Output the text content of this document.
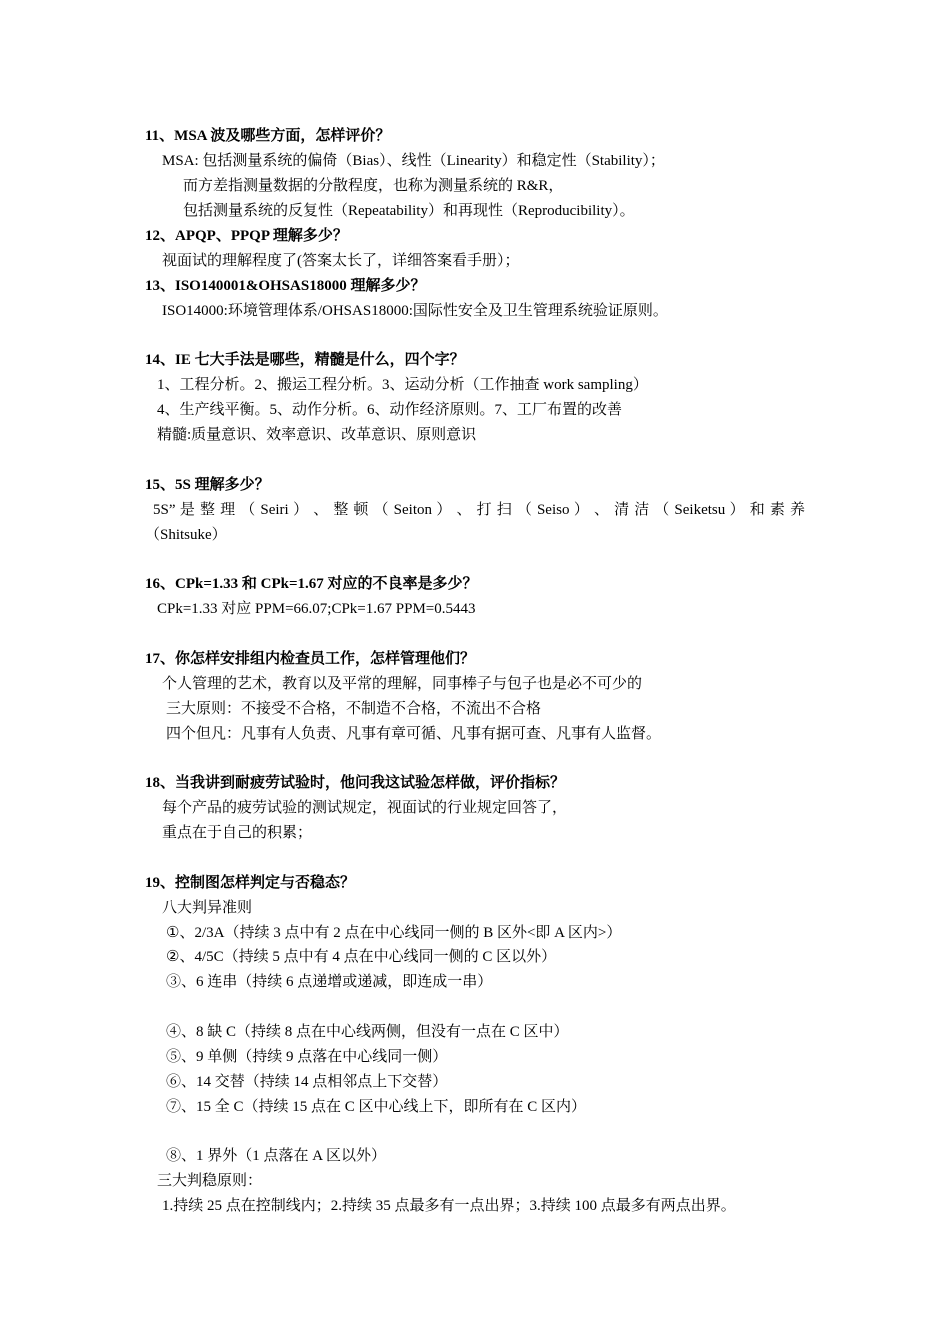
11、MSA 波及哪些方面，怎样评价？
MSA: 包括测量系统的偏倚（Bias）、线性（Linearity）和稳定性（Stability）；
而方差指测量数据的分散程度，也称为测量系统的 R&R，
包括测量系统的反复性（Repeatability）和再现性（Reproducibility）。
12、APQP、PPQP 理解多少？
视面试的理解程度了(答案太长了，详细答案看手册）；
13、ISO140001&OHSAS18000 理解多少？
ISO14000:环境管理体系/OHSAS18000:国际性安全及卫生管理系统验证原则。
14、IE 七大手法是哪些，精髓是什么，四个字？
1、工程分析。2、搬运工程分析。3、运动分析（工作抽查 work sampling）
4、生产线平衡。5、动作分析。6、动作经济原则。7、工厂布置的改善
精髓:质量意识、效率意识、改革意识、原则意识
15、5S 理解多少？
5S” 是 整 理 （ Seiri ） 、 整 顿 （ Seiton ） 、 打 扫 （ Seiso ） 、 清 洁 （ Seiketsu ） 和 素 养
（Shitsuke）
16、CPk=1.33 和 CPk=1.67 对应的不良率是多少？
CPk=1.33 对应 PPM=66.07;CPk=1.67 PPM=0.5443
17、你怎样安排组内检查员工作，怎样管理他们？
个人管理的艺术，教育以及平常的理解，同事棒子与包子也是必不可少的
三大原则：不接受不合格，不制造不合格，不流出不合格
四个但凡：凡事有人负责、凡事有章可循、凡事有据可查、凡事有人监督。
18、当我讲到耐疲劳试验时，他问我这试验怎样做，评价指标？
每个产品的疲劳试验的测试规定，视面试的行业规定回答了，
重点在于自己的积累；
19、控制图怎样判定与否稳态？
八大判异准则
①、2/3A（持续 3 点中有 2 点在中心线同一侧的 B 区外<即 A 区内>）
②、4/5C（持续 5 点中有 4 点在中心线同一侧的 C 区以外）
③、6 连串（持续 6 点递增或递减，即连成一串）
④、8 缺 C（持续 8 点在中心线两侧，但没有一点在 C 区中）
⑤、9 单侧（持续 9 点落在中心线同一侧）
⑥、14 交替（持续 14 点相邻点上下交替）
⑦、15 全 C（持续 15 点在 C 区中心线上下，即所有在 C 区内）
⑧、1 界外（1 点落在 A 区以外）
三大判稳原则：
1.持续 25 点在控制线内；2.持续 35 点最多有一点出界；3.持续 100 点最多有两点出界。
